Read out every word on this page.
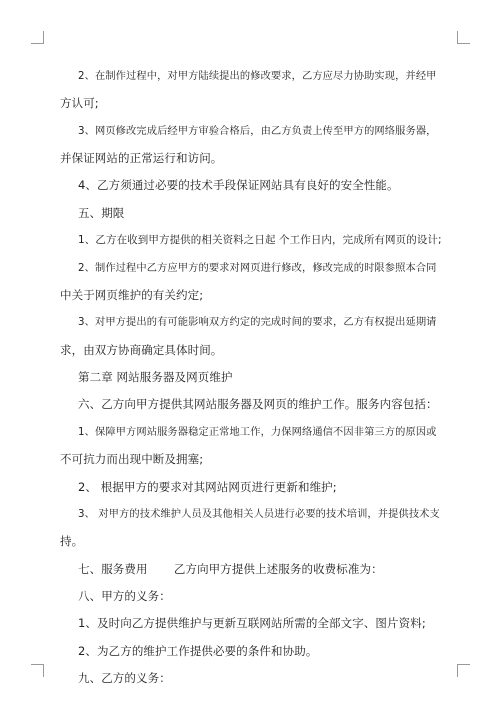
2、在制作过程中，对甲方陆续提出的修改要求，乙方应尽力协助实现，并经甲
方认可;
3、网页修改完成后经甲方审验合格后，由乙方负责上传至甲方的网络服务器，
并保证网站的正常运行和访问。
4、乙方须通过必要的技术手段保证网站具有良好的安全性能。
五、期限
1、乙方在收到甲方提供的相关资料之日起 个工作日内，完成所有网页的设计;
2、制作过程中乙方应甲方的要求对网页进行修改，修改完成的时限参照本合同
中关于网页维护的有关约定;
3、对甲方提出的有可能影响双方约定的完成时间的要求，乙方有权提出延期请
求，由双方协商确定具体时间。
第二章 网站服务器及网页维护
六、乙方向甲方提供其网站服务器及网页的维护工作。服务内容包括：
1、保障甲方网站服务器稳定正常地工作，力保网络通信不因非第三方的原因或
不可抗力而出现中断及拥塞;
2、 根据甲方的要求对其网站网页进行更新和维护;
3、 对甲方的技术维护人员及其他相关人员进行必要的技术培训，并提供技术支
持。
七、服务费用       乙方向甲方提供上述服务的收费标准为：
八、甲方的义务：
1、及时向乙方提供维护与更新互联网站所需的全部文字、图片资料;
2、为乙方的维护工作提供必要的条件和协助。
九、乙方的义务：
